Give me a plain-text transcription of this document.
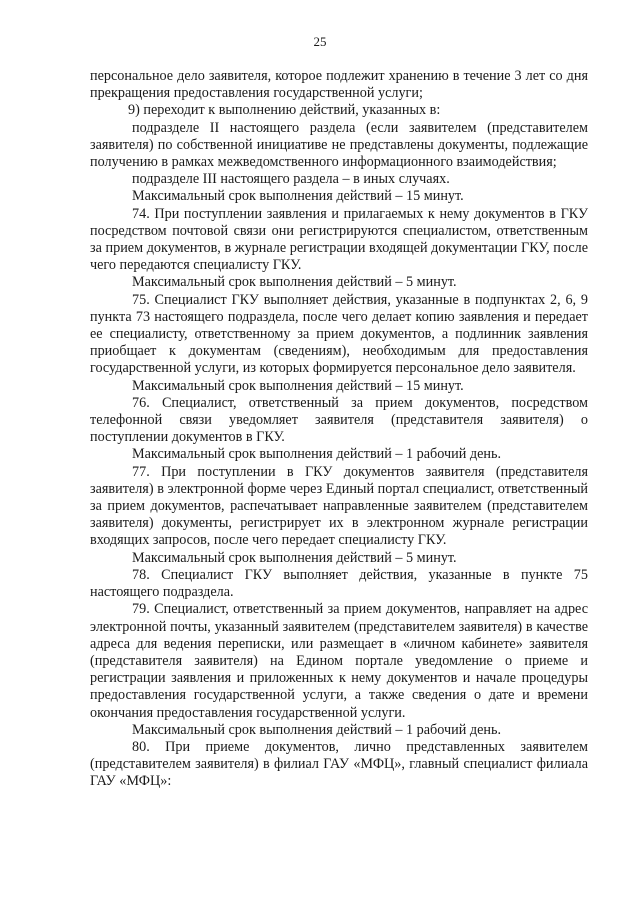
25

персональное дело заявителя, которое подлежит хранению в течение 3 лет со дня прекращения предоставления государственной услуги;

9) переходит к выполнению действий, указанных в:

подразделе II настоящего раздела (если заявителем (представителем заявителя) по собственной инициативе не представлены документы, подлежащие получению в рамках межведомственного информационного взаимодействия;

подразделе III настоящего раздела – в иных случаях.

Максимальный срок выполнения действий – 15 минут.

74. При поступлении заявления и прилагаемых к нему документов в ГКУ посредством почтовой связи они регистрируются специалистом, ответственным за прием документов, в журнале регистрации входящей документации ГКУ, после чего передаются специалисту ГКУ.

Максимальный срок выполнения действий – 5 минут.

75. Специалист ГКУ выполняет действия, указанные в подпунктах 2, 6, 9 пункта 73 настоящего подраздела, после чего делает копию заявления и передает ее специалисту, ответственному за прием документов, а подлинник заявления приобщает к документам (сведениям), необходимым для предоставления государственной услуги, из которых формируется персональное дело заявителя.

Максимальный срок выполнения действий – 15 минут.

76. Специалист, ответственный за прием документов, посредством телефонной связи уведомляет заявителя (представителя заявителя) о поступлении документов в ГКУ.

Максимальный срок выполнения действий – 1 рабочий день.

77. При поступлении в ГКУ документов заявителя (представителя заявителя) в электронной форме через Единый портал специалист, ответственный за прием документов, распечатывает направленные заявителем (представителем заявителя) документы, регистрирует их в электронном журнале регистрации входящих запросов, после чего передает специалисту ГКУ.

Максимальный срок выполнения действий – 5 минут.

78. Специалист ГКУ выполняет действия, указанные в пункте 75 настоящего подраздела.

79. Специалист, ответственный за прием документов, направляет на адрес электронной почты, указанный заявителем (представителем заявителя) в качестве адреса для ведения переписки, или размещает в «личном кабинете» заявителя (представителя заявителя) на Едином портале уведомление о приеме и регистрации заявления и приложенных к нему документов и начале процедуры предоставления государственной услуги, а также сведения о дате и времени окончания предоставления государственной услуги.

Максимальный срок выполнения действий – 1 рабочий день.

80. При приеме документов, лично представленных заявителем (представителем заявителя) в филиал ГАУ «МФЦ», главный специалист филиала ГАУ «МФЦ»:
